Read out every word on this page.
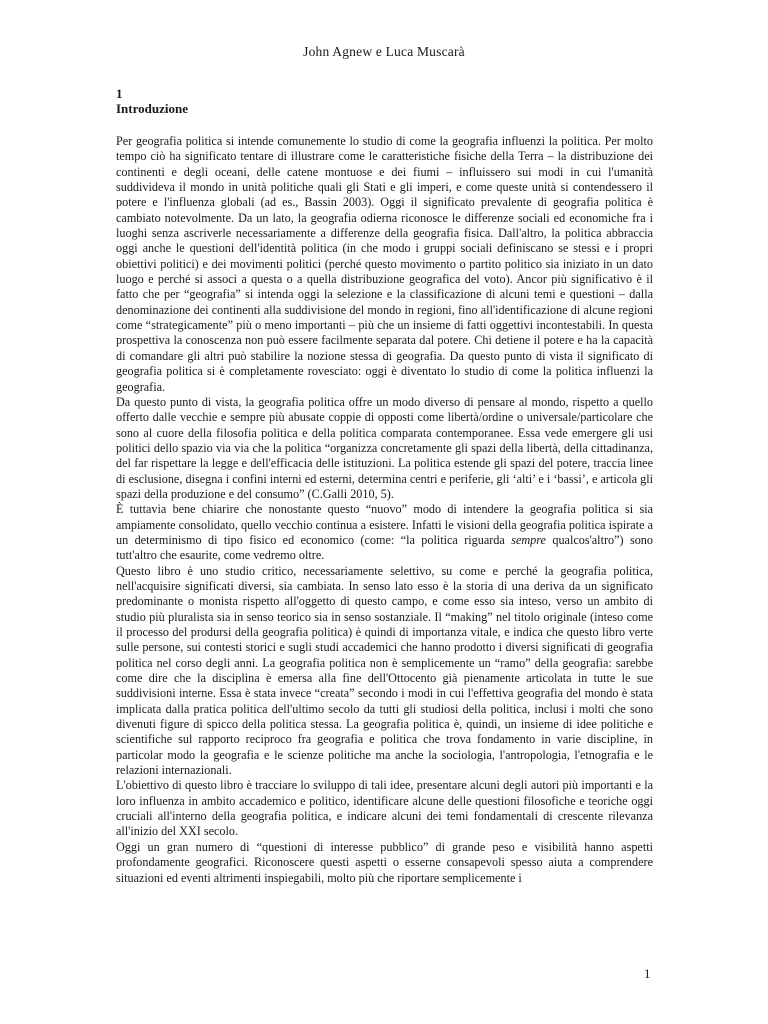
John Agnew e Luca Muscarà
1
Introduzione

Per geografia politica si intende comunemente lo studio di come la geografia influenzi la politica. Per molto tempo ciò ha significato tentare di illustrare come le caratteristiche fisiche della Terra – la distribuzione dei continenti e degli oceani, delle catene montuose e dei fiumi – influissero sui modi in cui l'umanità suddivideva il mondo in unità politiche quali gli Stati e gli imperi, e come queste unità si contendessero il potere e l'influenza globali (ad es., Bassin 2003). Oggi il significato prevalente di geografia politica è cambiato notevolmente. Da un lato, la geografia odierna riconosce le differenze sociali ed economiche fra i luoghi senza ascriverle necessariamente a differenze della geografia fisica. Dall'altro, la politica abbraccia oggi anche le questioni dell'identità politica (in che modo i gruppi sociali definiscano se stessi e i propri obiettivi politici) e dei movimenti politici (perché questo movimento o partito politico sia iniziato in un dato luogo e perché si associ a questa o a quella distribuzione geografica del voto). Ancor più significativo è il fatto che per “geografia” si intenda oggi la selezione e la classificazione di alcuni temi e questioni – dalla denominazione dei continenti alla suddivisione del mondo in regioni, fino all'identificazione di alcune regioni come “strategicamente” più o meno importanti – più che un insieme di fatti oggettivi incontestabili. In questa prospettiva la conoscenza non può essere facilmente separata dal potere. Chi detiene il potere e ha la capacità di comandare gli altri può stabilire la nozione stessa di geografia. Da questo punto di vista il significato di geografia politica si è completamente rovesciato: oggi è diventato lo studio di come la politica influenzi la geografia.

Da questo punto di vista, la geografia politica offre un modo diverso di pensare al mondo, rispetto a quello offerto dalle vecchie e sempre più abusate coppie di opposti come libertà/ordine o universale/particolare che sono al cuore della filosofia politica e della politica comparata contemporanee. Essa vede emergere gli usi politici dello spazio via via che la politica “organizza concretamente gli spazi della libertà, della cittadinanza, del far rispettare la legge e dell'efficacia delle istituzioni. La politica estende gli spazi del potere, traccia linee di esclusione, disegna i confini interni ed esterni, determina centri e periferie, gli ‘alti’ e i ‘bassi’, e articola gli spazi della produzione e del consumo” (C.Galli 2010, 5).

È tuttavia bene chiarire che nonostante questo “nuovo” modo di intendere la geografia politica si sia ampiamente consolidato, quello vecchio continua a esistere. Infatti le visioni della geografia politica ispirate a un determinismo di tipo fisico ed economico (come: “la politica riguarda sempre qualcos'altro”) sono tutt'altro che esaurite, come vedremo oltre.

Questo libro è uno studio critico, necessariamente selettivo, su come e perché la geografia politica, nell'acquisire significati diversi, sia cambiata. In senso lato esso è la storia di una deriva da un significato predominante o monista rispetto all'oggetto di questo campo, e come esso sia inteso, verso un ambito di studio più pluralista sia in senso teorico sia in senso sostanziale. Il “making” nel titolo originale (inteso come il processo del prodursi della geografia politica) è quindi di importanza vitale, e indica che questo libro verte sulle persone, sui contesti storici e sugli studi accademici che hanno prodotto i diversi significati di geografia politica nel corso degli anni. La geografia politica non è semplicemente un “ramo” della geografia: sarebbe come dire che la disciplina è emersa alla fine dell'Ottocento già pienamente articolata in tutte le sue suddivisioni interne. Essa è stata invece “creata” secondo i modi in cui l'effettiva geografia del mondo è stata implicata dalla pratica politica dell'ultimo secolo da tutti gli studiosi della politica, inclusi i molti che sono divenuti figure di spicco della politica stessa. La geografia politica è, quindi, un insieme di idee politiche e scientifiche sul rapporto reciproco fra geografia e politica che trova fondamento in varie discipline, in particolar modo la geografia e le scienze politiche ma anche la sociologia, l'antropologia, l'etnografia e le relazioni internazionali.

L'obiettivo di questo libro è tracciare lo sviluppo di tali idee, presentare alcuni degli autori più importanti e la loro influenza in ambito accademico e politico, identificare alcune delle questioni filosofiche e teoriche oggi cruciali all'interno della geografia politica, e indicare alcuni dei temi fondamentali di crescente rilevanza all'inizio del XXI secolo.

Oggi un gran numero di “questioni di interesse pubblico” di grande peso e visibilità hanno aspetti profondamente geografici. Riconoscere questi aspetti o esserne consapevoli spesso aiuta a comprendere situazioni ed eventi altrimenti inspiegabili, molto più che riportare semplicemente i

1
